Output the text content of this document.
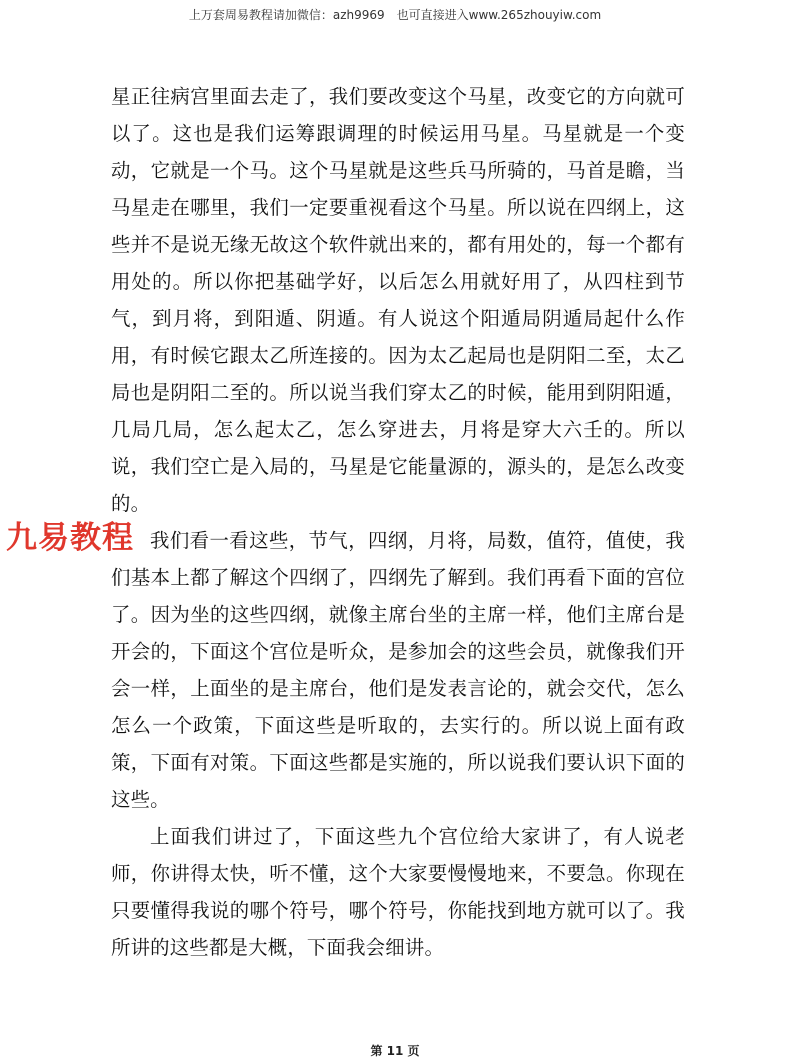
上万套周易教程请加微信：azh9969　也可直接进入www.265zhouyiw.com

星正往病宫里面去走了，我们要改变这个马星，改变它的方向就可以了。这也是我们运筹跟调理的时候运用马星。马星就是一个变动，它就是一个马。这个马星就是这些兵马所骑的，马首是瞻，当马星走在哪里，我们一定要重视看这个马星。所以说在四纲上，这些并不是说无缘无故这个软件就出来的，都有用处的，每一个都有用处的。所以你把基础学好，以后怎么用就好用了，从四柱到节气，到月将，到阳遁、阴遁。有人说这个阳遁局阴遁局起什么作用，有时候它跟太乙所连接的。因为太乙起局也是阴阳二至，太乙局也是阴阳二至的。所以说当我们穿太乙的时候，能用到阴阳遁，几局几局，怎么起太乙，怎么穿进去，月将是穿大六壬的。所以说，我们空亡是入局的，马星是它能量源的，源头的，是怎么改变的。

我们看一看这些，节气，四纲，月将，局数，值符，值使，我们基本上都了解这个四纲了，四纲先了解到。我们再看下面的宫位了。因为坐的这些四纲，就像主席台坐的主席一样，他们主席台是开会的，下面这个宫位是听众，是参加会的这些会员，就像我们开会一样，上面坐的是主席台，他们是发表言论的，就会交代，怎么怎么一个政策，下面这些是听取的，去实行的。所以说上面有政策，下面有对策。下面这些都是实施的，所以说我们要认识下面的这些。

上面我们讲过了，下面这些九个宫位给大家讲了，有人说老师，你讲得太快，听不懂，这个大家要慢慢地来，不要急。你现在只要懂得我说的哪个符号，哪个符号，你能找到地方就可以了。我所讲的这些都是大概，下面我会细讲。

九易教程
第 11 页
